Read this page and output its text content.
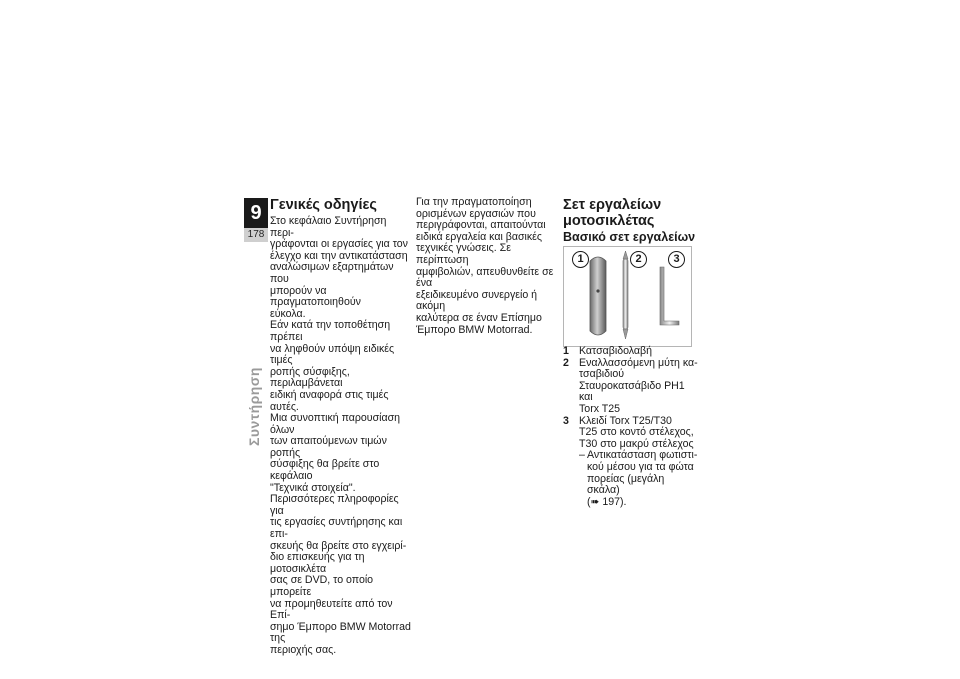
9
178
Συντήρηση
Γενικές οδηγίες

Στο κεφάλαιο Συντήρηση περι-
γράφονται οι εργασίες για τον
έλεγχο και την αντικατάσταση
αναλώσιμων εξαρτημάτων που
μπορούν να πραγματοποιηθούν
εύκολα.

Εάν κατά την τοποθέτηση πρέπει
να ληφθούν υπόψη ειδικές τιμές
ροπής σύσφιξης, περιλαμβάνεται
ειδική αναφορά στις τιμές αυτές.
Μια συνοπτική παρουσίαση όλων
των απαιτούμενων τιμών ροπής
σύσφιξης θα βρείτε στο κεφάλαιο
"Τεχνικά στοιχεία".

Περισσότερες πληροφορίες για
τις εργασίες συντήρησης και επι-
σκευής θα βρείτε στο εγχειρί-
διο επισκευής για τη μοτοσικλέτα
σας σε DVD, το οποίο μπορείτε
να προμηθευτείτε από τον Επί-
σημο Έμπορο BMW Motorrad της
περιοχής σας.

Για την πραγματοποίηση
ορισμένων εργασιών που
περιγράφονται, απαιτούνται
ειδικά εργαλεία και βασικές
τεχνικές γνώσεις. Σε περίπτωση
αμφιβολιών, απευθυνθείτε σε ένα
εξειδικευμένο συνεργείο ή ακόμη
καλύτερα σε έναν Επίσημο
Έμπορο BMW Motorrad.

Σετ εργαλείων
μοτοσικλέτας
Βασικό σετ εργαλείων
1	2	3
1 Κατσαβιδολαβή
2 Εναλλασσόμενη μύτη κα-
τσαβιδιού
Σταυροκατσάβιδο PH1 και
Torx T25
3 Κλειδί Torx T25/T30
T25 στο κοντό στέλεχος,
T30 στο μακρύ στέλεχος
– Αντικατάσταση φωτιστι-
κού μέσου για τα φώτα
πορείας (μεγάλη σκάλα)
(➠ 197).
